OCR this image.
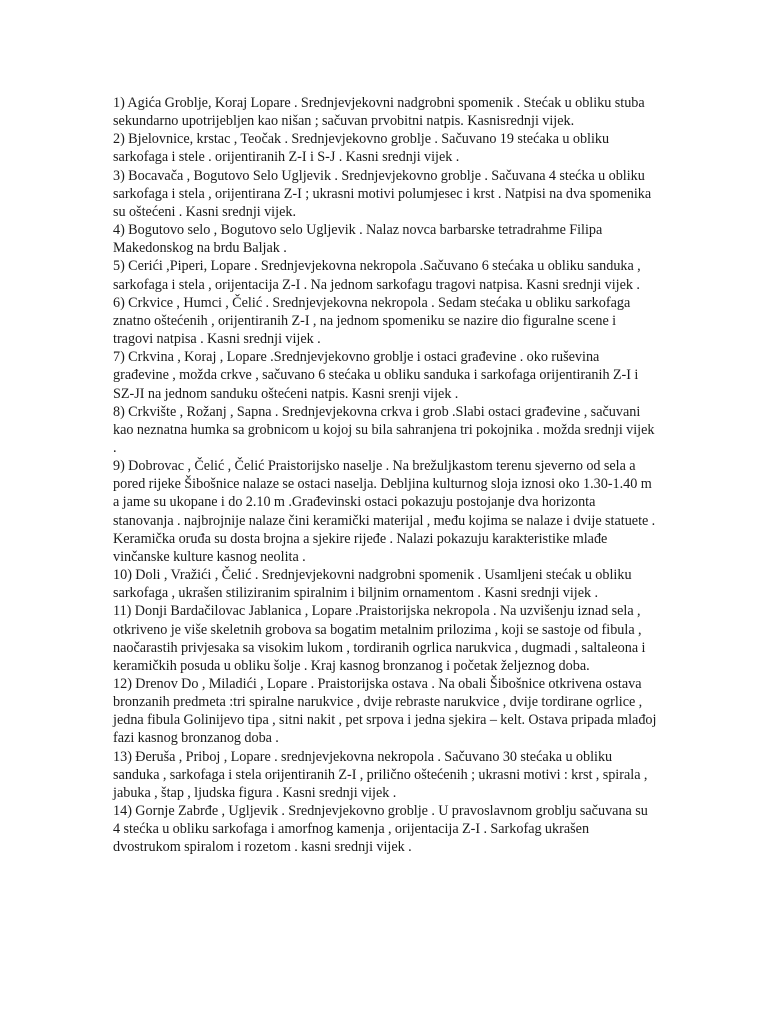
1) Agića Groblje, Koraj Lopare . Srednjevjekovni nadgrobni spomenik . Stećak u obliku stuba sekundarno upotrijebljen kao nišan ; sačuvan prvobitni natpis. Kasnisrednji vijek.

2) Bjelovnice, krstac , Teočak . Srednjevjekovno groblje . Sačuvano 19 stećaka u obliku sarkofaga i stele . orijentiranih Z-I i S-J . Kasni srednji vijek .

3) Bocavača , Bogutovo Selo Ugljevik . Srednjevjekovno groblje . Sačuvana 4 stećka u obliku sarkofaga i stela , orijentirana Z-I ; ukrasni motivi polumjesec i krst . Natpisi na dva spomenika su oštećeni . Kasni srednji vijek.

4) Bogutovo selo , Bogutovo selo Ugljevik . Nalaz novca barbarske tetradrahme Filipa Makedonskog na brdu Baljak .

5) Cerići ,Piperi, Lopare . Srednjevjekovna nekropola .Sačuvano 6 stećaka u obliku sanduka , sarkofaga i stela , orijentacija Z-I . Na jednom sarkofagu tragovi natpisa. Kasni srednji vijek .

6) Crkvice , Humci , Čelić . Srednjevjekovna nekropola . Sedam stećaka u obliku sarkofaga znatno oštećenih , orijentiranih Z-I , na jednom spomeniku se nazire dio figuralne scene i tragovi natpisa . Kasni srednji vijek .

7) Crkvina , Koraj , Lopare .Srednjevjekovno groblje i ostaci građevine . oko ruševina građevine , možda crkve , sačuvano 6 stećaka u obliku sanduka i sarkofaga orijentiranih Z-I i SZ-JI na jednom sanduku oštećeni natpis. Kasni srenji vijek .

8) Crkvište , Rožanj , Sapna . Srednjevjekovna crkva i grob .Slabi ostaci građevine , sačuvani kao neznatna humka sa grobnicom u kojoj su bila sahranjena tri pokojnika . možda srednji vijek .

9) Dobrovac , Čelić , Čelić Praistorijsko naselje . Na brežuljkastom terenu sjeverno od sela a pored rijeke Šibošnice nalaze se ostaci naselja. Debljina kulturnog sloja iznosi oko 1.30-1.40 m a jame su ukopane i do 2.10 m .Građevinski ostaci pokazuju postojanje dva horizonta stanovanja . najbrojnije nalaze čini keramički materijal , među kojima se nalaze i dvije statuete . Keramička oruđa su dosta brojna a sjekire rijeđe . Nalazi pokazuju karakteristike mlađe vinčanske kulture kasnog neolita .

10) Doli , Vražići , Čelić . Srednjevjekovni nadgrobni spomenik . Usamljeni stećak u obliku sarkofaga , ukrašen stiliziranim spiralnim i biljnim ornamentom . Kasni srednji vijek .

11) Donji Bardačilovac Jablanica , Lopare .Praistorijska nekropola . Na uzvišenju iznad sela , otkriveno je više skeletnih grobova sa bogatim metalnim prilozima , koji se sastoje od fibula , naočarastih privjesaka sa visokim lukom , tordiranih ogrlica narukvica , dugmadi , saltaleona i keramičkih posuda u obliku šolje . Kraj kasnog bronzanog i početak željeznog doba.

12) Drenov Do , Miladići , Lopare . Praistorijska ostava . Na obali Šibošnice otkrivena ostava bronzanih predmeta :tri spiralne narukvice , dvije rebraste narukvice , dvije tordirane ogrlice , jedna fibula Golinijevo tipa , sitni nakit , pet srpova i jedna sjekira – kelt. Ostava pripada mlađoj fazi kasnog bronzanog doba .

13) Đeruša , Priboj , Lopare . srednjevjekovna nekropola . Sačuvano 30 stećaka u obliku sanduka , sarkofaga i stela orijentiranih Z-I , prilično oštećenih ; ukrasni motivi : krst , spirala , jabuka , štap , ljudska figura . Kasni srednji vijek .

14) Gornje Zabrđe , Ugljevik . Srednjevjekovno groblje . U pravoslavnom groblju sačuvana su 4 stećka u obliku sarkofaga i amorfnog kamenja , orijentacija Z-I . Sarkofag ukrašen dvostrukom spiralom i rozetom . kasni srednji vijek .
